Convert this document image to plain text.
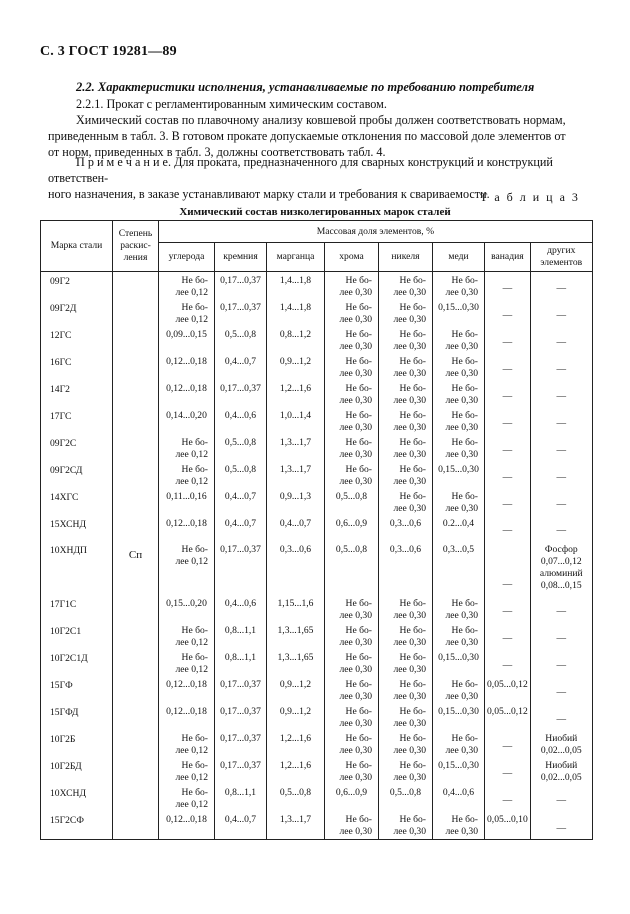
С. 3 ГОСТ 19281—89
2.2. Характеристики исполнения, устанавливаемые по требованию потребителя
2.2.1. Прокат с регламентированным химическим составом.
Химический состав по плавочному анализу ковшевой пробы должен соответствовать нормам,
приведенным в табл. 3. В готовом прокате допускаемые отклонения по массовой доле элементов от
от норм, приведенных в табл. 3, должны соответствовать табл. 4.
П р и м е ч а н и е. Для проката, предназначенного для сварных конструкций и конструкций ответствен-
ного назначения, в заказе устанавливают марку стали и требования к свариваемости.
Т а б л и ц а 3
Химический состав низколегированных марок сталей
Марка стали	Степень раскис-ления	Массовая доля элементов, %							
		углерода	кремния	марганца	хрома	никеля	меди	ванадия	других элементов
09Г2	Сп	Не бо-
лее 0,12	0,17...0,37	1,4...1,8	Не бо-
лее 0,30	Не бо-
лее 0,30	Не бо-
лее 0,30	—	—
09Г2Д		Не бо-
лее 0,12	0,17...0,37	1,4...1,8	Не бо-
лее 0,30	Не бо-
лее 0,30	0,15...0,30	—	—
12ГС		0,09...0,15	0,5...0,8	0,8...1,2	Не бо-
лее 0,30	Не бо-
лее 0,30	Не бо-
лее 0,30	—	—
16ГС		0,12...0,18	0,4...0,7	0,9...1,2	Не бо-
лее 0,30	Не бо-
лее 0,30	Не бо-
лее 0,30	—	—
14Г2		0,12...0,18	0,17...0,37	1,2...1,6	Не бо-
лее 0,30	Не бо-
лее 0,30	Не бо-
лее 0,30	—	—
17ГС		0,14...0,20	0,4...0,6	1,0...1,4	Не бо-
лее 0,30	Не бо-
лее 0,30	Не бо-
лее 0,30	—	—
09Г2С		Не бо-
лее 0,12	0,5...0,8	1,3...1,7	Не бо-
лее 0,30	Не бо-
лее 0,30	Не бо-
лее 0,30	—	—
09Г2СД		Не бо-
лее 0,12	0,5...0,8	1,3...1,7	Не бо-
лее 0,30	Не бо-
лее 0,30	0,15...0,30	—	—
14ХГС		0,11...0,16	0,4...0,7	0,9...1,3	0,5...0,8	Не бо-
лее 0,30	Не бо-
лее 0,30	—	—
15ХСНД		0,12...0,18	0,4...0,7	0,4...0,7	0,6...0,9	0,3...0,6	0.2...0,4	—	—
10ХНДП		Не бо-
лее 0,12	0,17...0,37	0,3...0,6	0,5...0,8	0,3...0,6	0,3...0,5	—	Фосфор
0,07...0,12
алюминий
0,08...0,15
17Г1С		0,15...0,20	0,4...0,6	1,15...1,6	Не бо-
лее 0,30	Не бо-
лее 0,30	Не бо-
лее 0,30	—	—
10Г2С1		Не бо-
лее 0,12	0,8...1,1	1,3...1,65	Не бо-
лее 0,30	Не бо-
лее 0,30	Не бо-
лее 0,30	—	—
10Г2С1Д		Не бо-
лее 0,12	0,8...1,1	1,3...1,65	Не бо-
лее 0,30	Не бо-
лее 0,30	0,15...0,30	—	—
15ГФ		0,12...0,18	0,17...0,37	0,9...1,2	Не бо-
лее 0,30	Не бо-
лее 0,30	Не бо-
лее 0,30	0,05...0,12	—
15ГФД		0,12...0,18	0,17...0,37	0,9...1,2	Не бо-
лее 0,30	Не бо-
лее 0,30	0,15...0,30	0,05...0,12	—
10Г2Б		Не бо-
лее 0,12	0,17...0,37	1,2...1,6	Не бо-
лее 0,30	Не бо-
лее 0,30	Не бо-
лее 0,30	—	Ниобий
0,02...0,05
10Г2БД		Не бо-
лее 0,12	0,17...0,37	1,2...1,6	Не бо-
лее 0,30	Не бо-
лее 0,30	0,15...0,30	—	Ниобий
0,02...0,05
10ХСНД		Не бо-
лее 0,12	0,8...1,1	0,5...0,8	0,6...0,9	0,5...0,8	0,4...0,6	—	—
15Г2СФ		0,12...0,18	0,4...0,7	1,3...1,7	Не бо-
лее 0,30	Не бо-
лее 0,30	Не бо-
лее 0,30	0,05...0,10	—
